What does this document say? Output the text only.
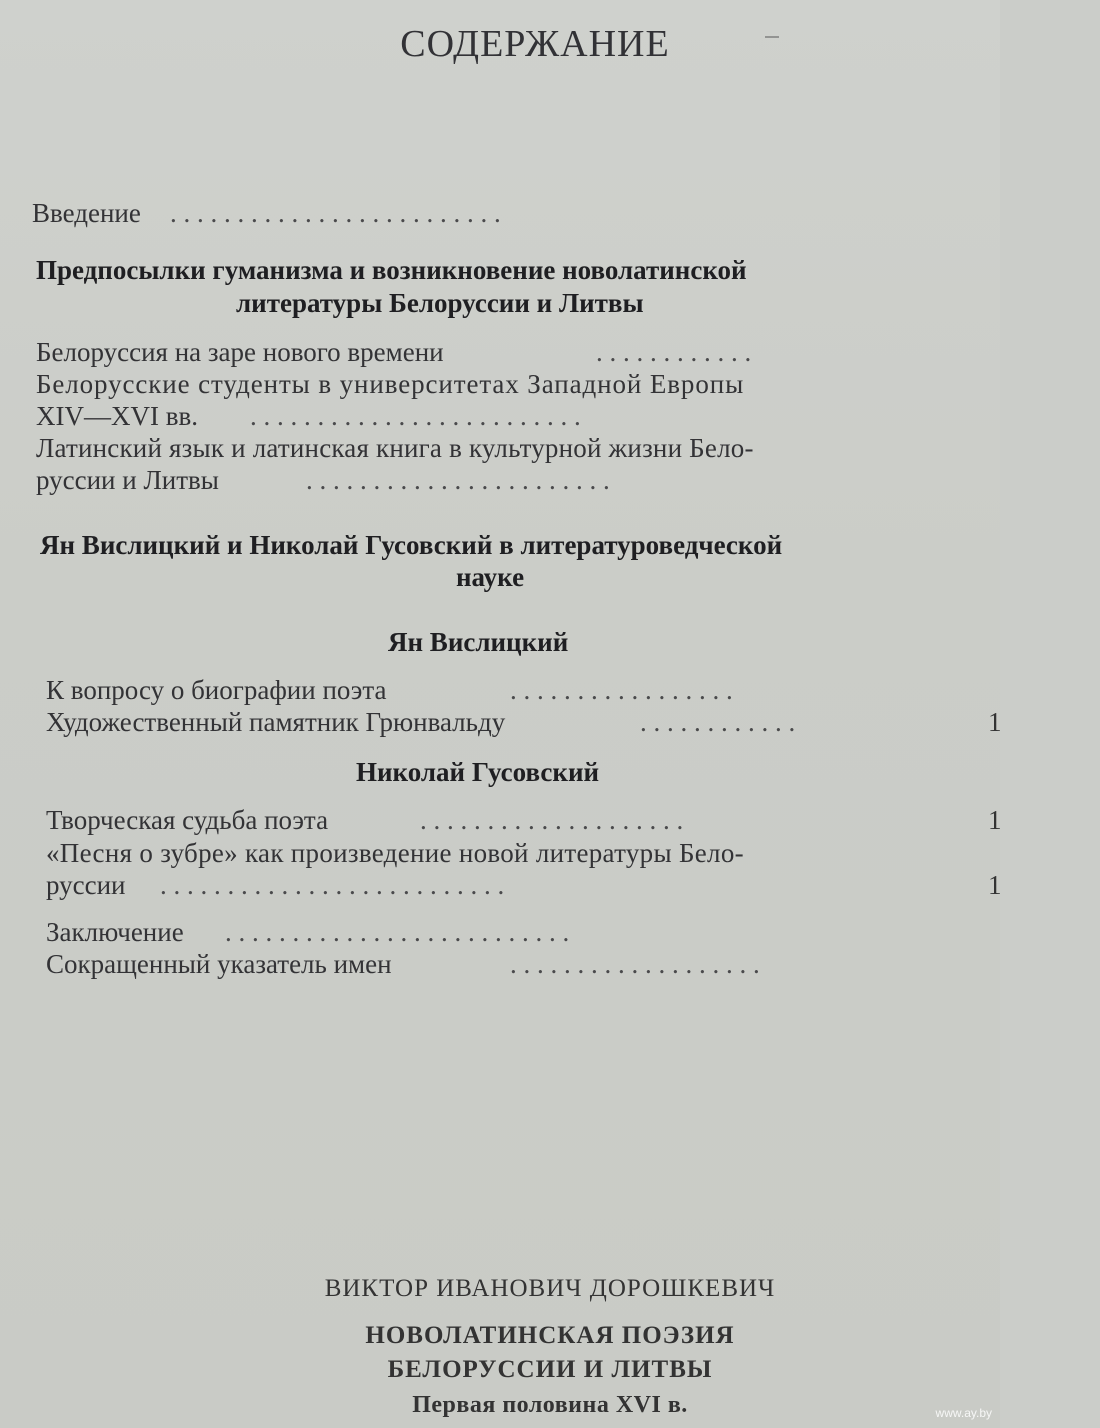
СОДЕРЖАНИЕ
Введение . . . . . . . . . . . . . . . . . . . . . . . . .
Предпосылки гуманизма и возникновение новолатинской
литературы Белоруссии и Литвы
Белоруссия на заре нового времени	. . . . . . . . . . . .
Белорусские студенты в университетах Западной Европы
XIV—XVI вв. . . . . . . . . . . . . . . . . . . . . . . . . .
Латинский язык и латинская книга в культурной жизни Бело-
руссии и Литвы	. . . . . . . . . . . . . . . . . . . . . . .
Ян Вислицкий и Николай Гусовский в литературоведческой
науке
Ян Вислицкий
К вопросу о биографии поэта	. . . . . . . . . . . . . . . . .
Художественный памятник Грюнвальду	. . . . . . . . . . . .	1
Николай Гусовский
Творческая судьба поэта	. . . . . . . . . . . . . . . . . . . .	1
«Песня о зубре» как произведение новой литературы Бело-
руссии . . . . . . . . . . . . . . . . . . . . . . . . . .	1
Заключение . . . . . . . . . . . . . . . . . . . . . . . . . .
Сокращенный указатель имен	. . . . . . . . . . . . . . . . . . .
ВИКТОР ИВАНОВИЧ ДОРОШКЕВИЧ
НОВОЛАТИНСКАЯ ПОЭЗИЯ
БЕЛОРУССИИ И ЛИТВЫ
Первая половина XVI в.	www.ay.by
